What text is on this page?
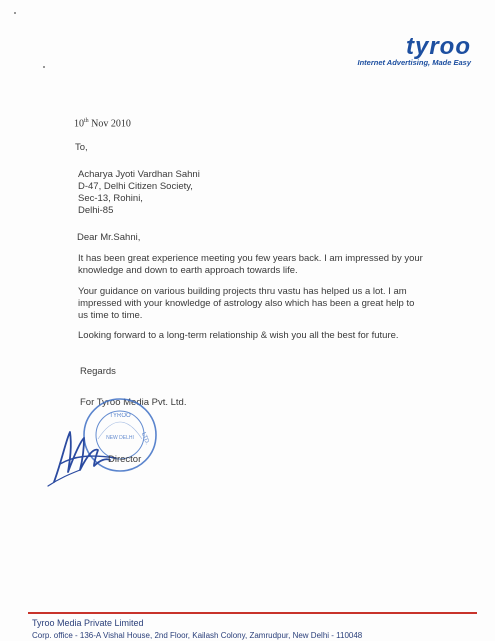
tyroo
Internet Advertising, Made Easy
10th Nov 2010
To,
Acharya Jyoti Vardhan Sahni
D-47, Delhi Citizen Society,
Sec-13, Rohini,
Delhi-85
Dear Mr.Sahni,
It has been great experience meeting you few years back. I am impressed by your knowledge and down to earth approach towards life.
Your guidance on various building projects thru vastu has helped us a lot. I am impressed with your knowledge of astrology also which has been a great help to us time to time.
Looking forward to a long-term relationship & wish you all the best for future.
Regards
For Tyroo Media Pvt. Ltd.
TYROO
NEW DELHI LTD.
Director
Tyroo Media Private Limited
Corp. office - 136-A Vishal House, 2nd Floor, Kailash Colony, Zamrudpur, New Delhi - 110048
